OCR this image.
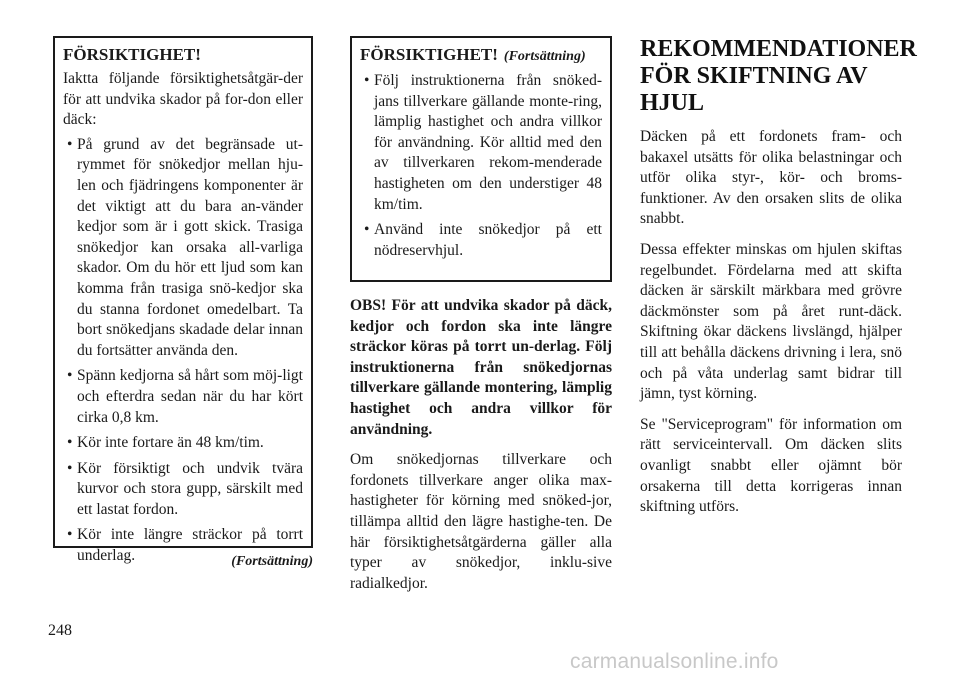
FÖRSIKTIGHET!

Iaktta följande försiktighetsåtgär-der för att undvika skador på for-don eller däck:

• På grund av det begränsade ut-rymmet för snökedjor mellan hju-len och fjädringens komponenter är det viktigt att du bara an-vänder kedjor som är i gott skick. Trasiga snökedjor kan orsaka all-varliga skador. Om du hör ett ljud som kan komma från trasiga snö-kedjor ska du stanna fordonet omedelbart. Ta bort snökedjans skadade delar innan du fortsätter använda den.
• Spänn kedjorna så hårt som möj-ligt och efterdra sedan när du har kört cirka 0,8 km.
• Kör inte fortare än 48 km/tim.
• Kör försiktigt och undvik tvära kurvor och stora gupp, särskilt med ett lastat fordon.
• Kör inte längre sträckor på torrt underlag.	(Fortsättning)
FÖRSIKTIGHET! (Fortsättning)
• Följ instruktionerna från snöked-jans tillverkare gällande monte-ring, lämplig hastighet och andra villkor för användning. Kör alltid med den av tillverkaren rekom-menderade hastigheten om den understiger 48 km/tim.
• Använd inte snökedjor på ett nödreservhjul.

OBS! För att undvika skador på däck, kedjor och fordon ska inte längre sträckor köras på torrt un-derlag. Följ instruktionerna från snökedjornas tillverkare gällande montering, lämplig hastighet och andra villkor för användning.

Om snökedjornas tillverkare och fordonets tillverkare anger olika max-hastigheter för körning med snöked-jor, tillämpa alltid den lägre hastighe-ten. De här försiktighetsåtgärderna gäller alla typer av snökedjor, inklu-sive radialkedjor.

REKOMMENDATIONER FÖR SKIFTNING AV HJUL

Däcken på ett fordonets fram- och bakaxel utsätts för olika belastningar och utför olika styr-, kör- och broms-funktioner. Av den orsaken slits de olika snabbt.

Dessa effekter minskas om hjulen skiftas regelbundet. Fördelarna med att skifta däcken är särskilt märkbara med grövre däckmönster som på året runt-däck. Skiftning ökar däckens livslängd, hjälper till att behålla däckens drivning i lera, snö och på våta underlag samt bidrar till jämn, tyst körning.

Se "Serviceprogram" för information om rätt serviceintervall. Om däcken slits ovanligt snabbt eller ojämnt bör orsakerna till detta korrigeras innan skiftning utförs.

248
carmanualsonline.info
